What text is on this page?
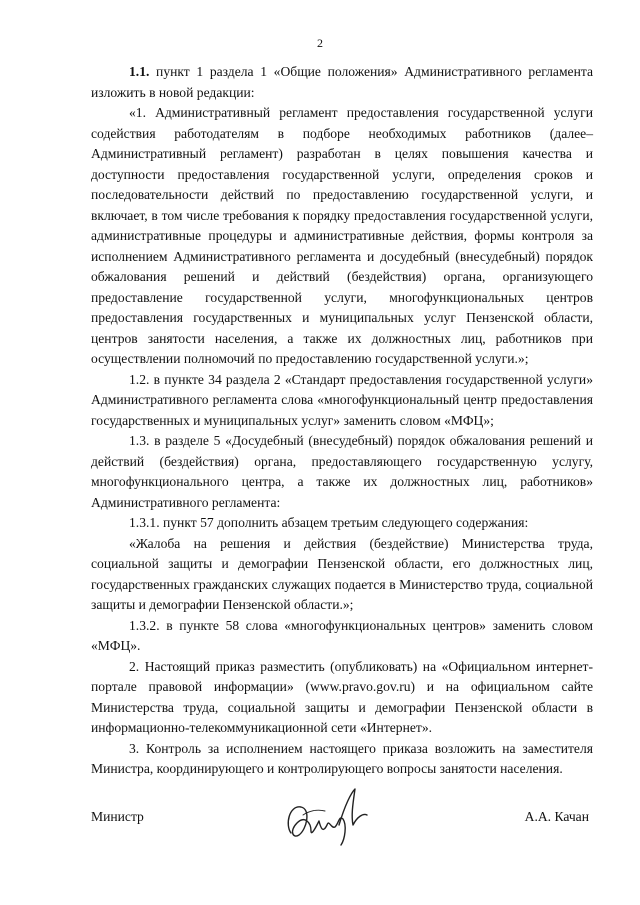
2

1.1. пункт 1 раздела 1 «Общие положения» Административного регламента изложить в новой редакции:

«1. Административный регламент предоставления государственной услуги содействия работодателям в подборе необходимых работников (далее– Административный регламент) разработан в целях повышения качества и доступности предоставления государственной услуги, определения сроков и последовательности действий по предоставлению государственной услуги, и включает, в том числе требования к порядку предоставления государственной услуги, административные процедуры и административные действия, формы контроля за исполнением Административного регламента и досудебный (внесудебный) порядок обжалования решений и действий (бездействия) органа, организующего предоставление государственной услуги, многофункциональных центров предоставления государственных и муниципальных услуг Пензенской области, центров занятости населения, а также их должностных лиц, работников при осуществлении полномочий по предоставлению государственной услуги.»;

1.2. в пункте 34 раздела 2 «Стандарт предоставления государственной услуги» Административного регламента слова «многофункциональный центр предоставления государственных и муниципальных услуг» заменить словом «МФЦ»;

1.3. в разделе 5 «Досудебный (внесудебный) порядок обжалования решений и действий (бездействия) органа, предоставляющего государственную услугу, многофункционального центра, а также их должностных лиц, работников» Административного регламента:

1.3.1. пункт 57 дополнить абзацем третьим следующего содержания:

«Жалоба на решения и действия (бездействие) Министерства труда, социальной защиты и демографии Пензенской области, его должностных лиц, государственных гражданских служащих подается в Министерство труда, социальной защиты и демографии Пензенской области.»;

1.3.2. в пункте 58 слова «многофункциональных центров» заменить словом «МФЦ».

2. Настоящий приказ разместить (опубликовать) на «Официальном интернет-портале правовой информации» (www.pravo.gov.ru) и на официальном сайте Министерства труда, социальной защиты и демографии Пензенской области в информационно-телекоммуникационной сети «Интернет».

3. Контроль за исполнением настоящего приказа возложить на заместителя Министра, координирующего и контролирующего вопросы занятости населения.

Министр	А.А. Качан
